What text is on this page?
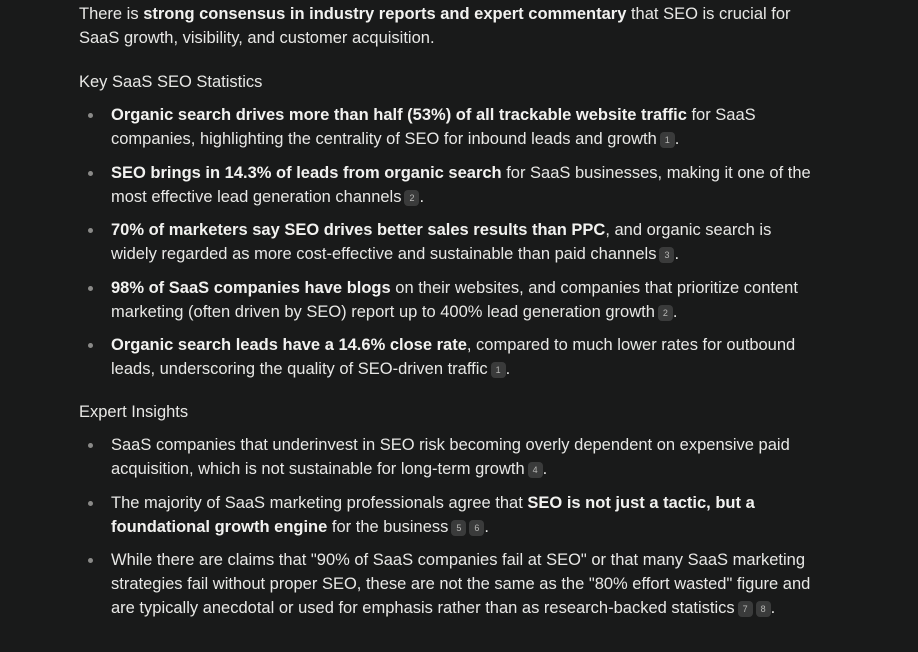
There is strong consensus in industry reports and expert commentary that SEO is crucial for SaaS growth, visibility, and customer acquisition.

Key SaaS SEO Statistics
Organic search drives more than half (53%) of all trackable website traffic for SaaS companies, highlighting the centrality of SEO for inbound leads and growth 1 .
SEO brings in 14.3% of leads from organic search for SaaS businesses, making it one of the most effective lead generation channels 2 .
70% of marketers say SEO drives better sales results than PPC, and organic search is widely regarded as more cost-effective and sustainable than paid channels 3 .
98% of SaaS companies have blogs on their websites, and companies that prioritize content marketing (often driven by SEO) report up to 400% lead generation growth 2 .
Organic search leads have a 14.6% close rate, compared to much lower rates for outbound leads, underscoring the quality of SEO-driven traffic 1 .
Expert Insights
SaaS companies that underinvest in SEO risk becoming overly dependent on expensive paid acquisition, which is not sustainable for long-term growth 4 .
The majority of SaaS marketing professionals agree that SEO is not just a tactic, but a foundational growth engine for the business 5 6 .
While there are claims that "90% of SaaS companies fail at SEO" or that many SaaS marketing strategies fail without proper SEO, these are not the same as the "80% effort wasted" figure and are typically anecdotal or used for emphasis rather than as research-backed statistics 7 8 .
